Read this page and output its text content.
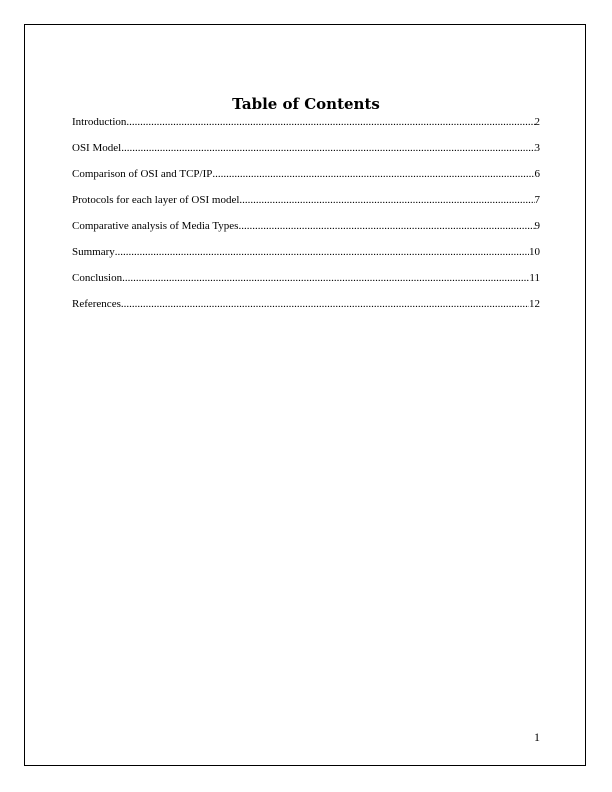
Table of Contents
Introduction .....	2
OSI Model .....	3
Comparison of OSI and TCP/IP .....	6
Protocols for each layer of OSI model .....	7
Comparative analysis of Media Types .....	9
Summary .....	10
Conclusion .....	11
References .....	12
1
